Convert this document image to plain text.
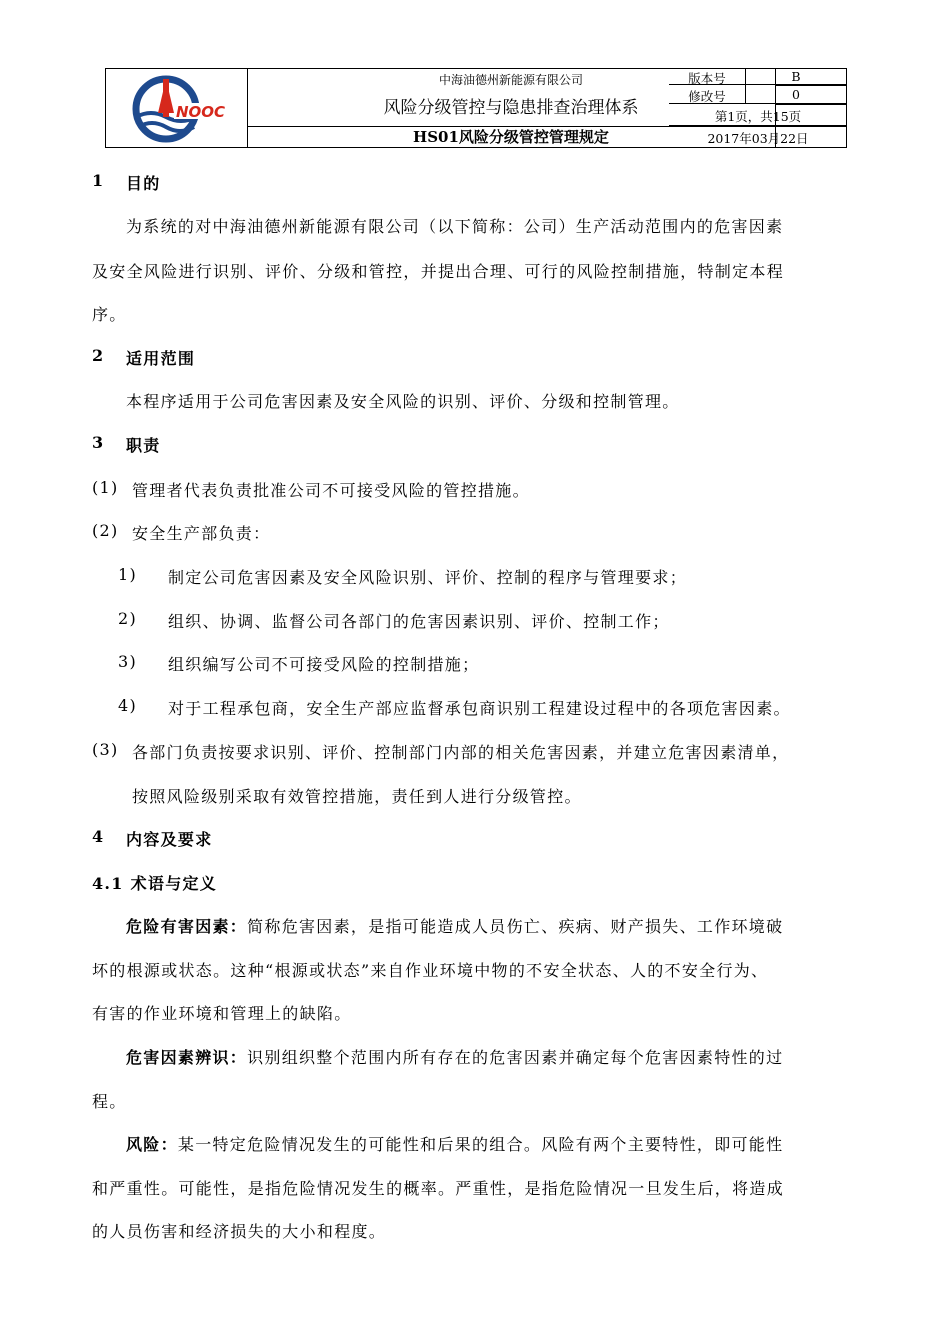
NOOC
中海油德州新能源有限公司
风险分级管控与隐患排查治理体系
HS01风险分级管控管理规定
版本号	B
修改号	0
第1页，共15页
2017年03月22日
1 目的
为系统的对中海油德州新能源有限公司（以下简称：公司）生产活动范围内的危害因素
及安全风险进行识别、评价、分级和管控，并提出合理、可行的风险控制措施，特制定本程
序。
2 适用范围
本程序适用于公司危害因素及安全风险的识别、评价、分级和控制管理。
3 职责
(1) 管理者代表负责批准公司不可接受风险的管控措施。
(2) 安全生产部负责：
1) 制定公司危害因素及安全风险识别、评价、控制的程序与管理要求；
2) 组织、协调、监督公司各部门的危害因素识别、评价、控制工作；
3) 组织编写公司不可接受风险的控制措施；
4) 对于工程承包商，安全生产部应监督承包商识别工程建设过程中的各项危害因素。
(3) 各部门负责按要求识别、评价、控制部门内部的相关危害因素，并建立危害因素清单，
按照风险级别采取有效管控措施，责任到人进行分级管控。
4 内容及要求
4.1 术语与定义
危险有害因素：简称危害因素，是指可能造成人员伤亡、疾病、财产损失、工作环境破
坏的根源或状态。这种“根源或状态”来自作业环境中物的不安全状态、人的不安全行为、
有害的作业环境和管理上的缺陷。
危害因素辨识：识别组织整个范围内所有存在的危害因素并确定每个危害因素特性的过
程。
风险：某一特定危险情况发生的可能性和后果的组合。风险有两个主要特性，即可能性
和严重性。可能性，是指危险情况发生的概率。严重性，是指危险情况一旦发生后，将造成
的人员伤害和经济损失的大小和程度。
